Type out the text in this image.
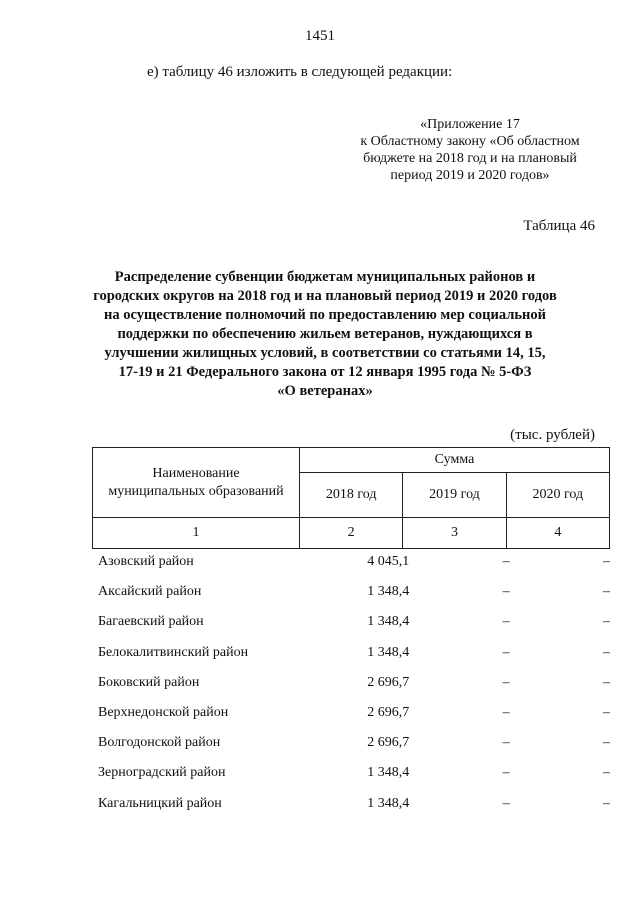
1451
е) таблицу 46 изложить в следующей редакции:
«Приложение 17
к Областному закону «Об областном
бюджете на 2018 год и на плановый
период 2019 и 2020 годов»
Таблица 46
Распределение субвенции бюджетам муниципальных районов и
городских округов на 2018 год и на плановый период 2019 и 2020 годов
на осуществление полномочий по предоставлению мер социальной
поддержки по обеспечению жильем ветеранов, нуждающихся в
улучшении жилищных условий, в соответствии со статьями 14, 15,
17-19 и 21 Федерального закона от 12 января 1995 года № 5-ФЗ
«О ветеранах»
(тыс. рублей)
Наименование
муниципальных образований	Сумма		
	2018 год	2019 год	2020 год
1	2	3	4
Азовский район	4 045,1	–	–
Аксайский район	1 348,4	–	–
Багаевский район	1 348,4	–	–
Белокалитвинский район	1 348,4	–	–
Боковский район	2 696,7	–	–
Верхнедонской район	2 696,7	–	–
Волгодонской район	2 696,7	–	–
Зерноградский район	1 348,4	–	–
Кагальницкий район	1 348,4	–	–
